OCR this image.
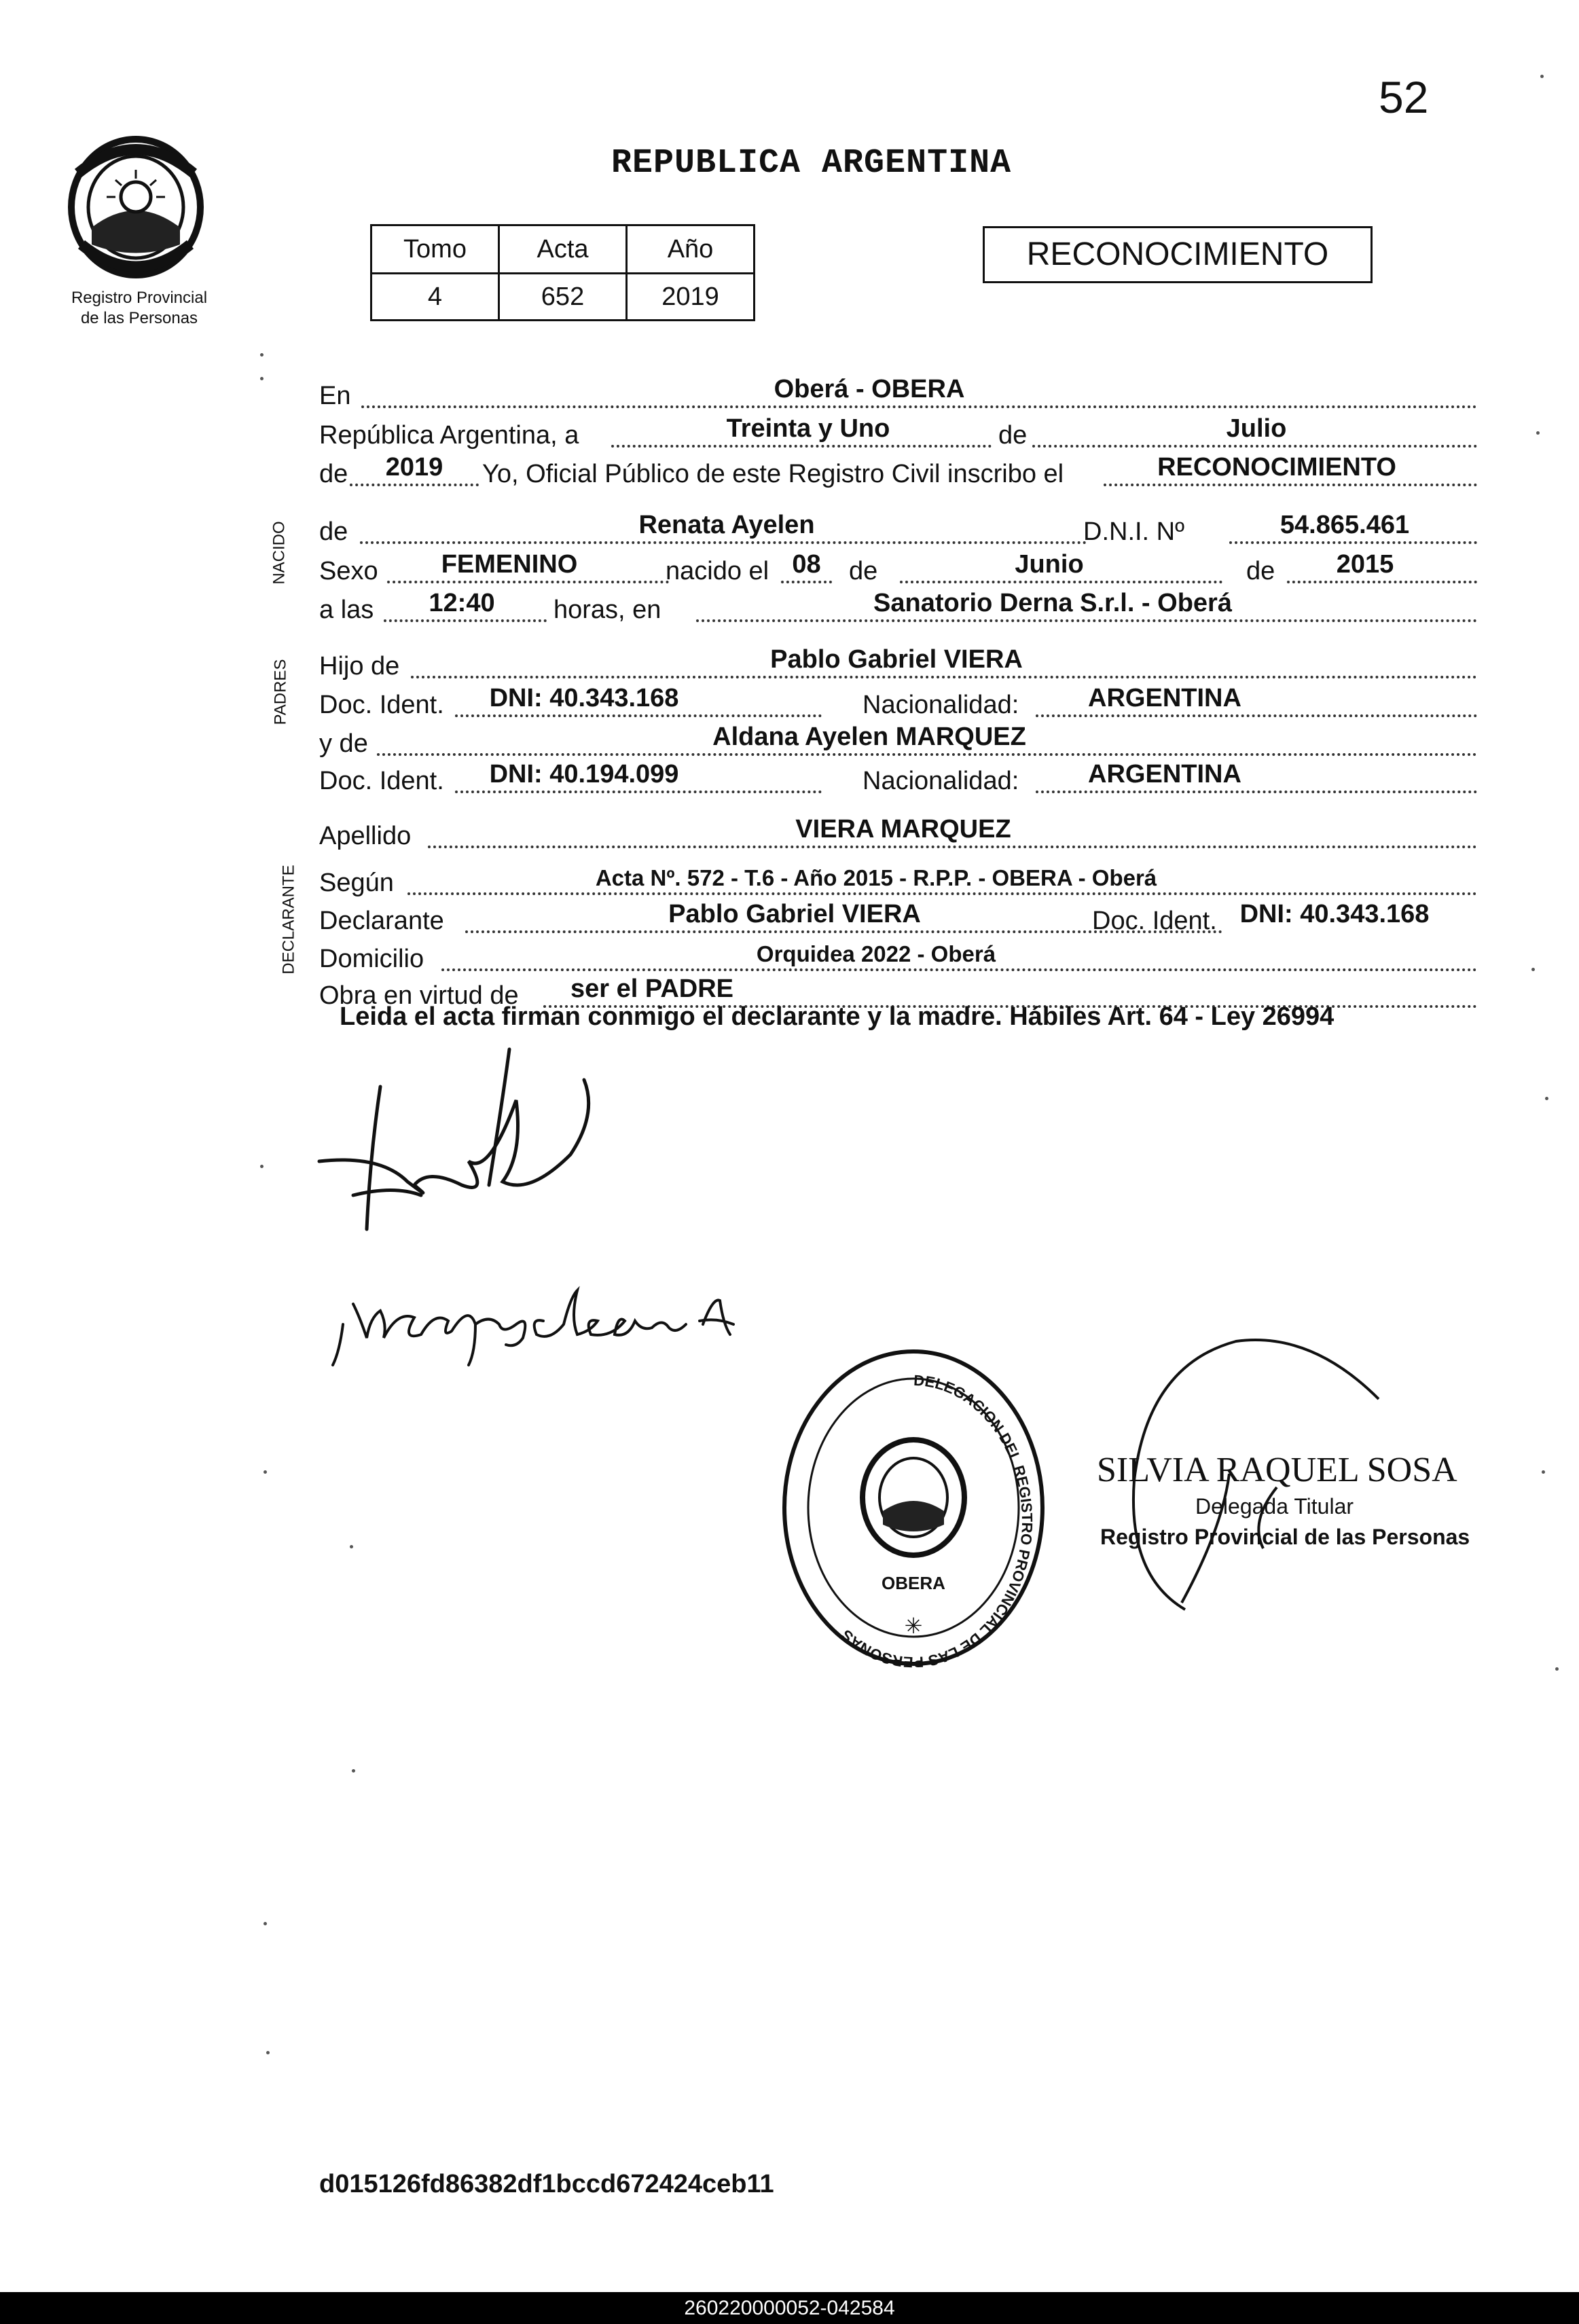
52
REPUBLICA ARGENTINA
Registro Provincial
de las Personas
Tomo	Acta	Año
4	652	2019
RECONOCIMIENTO
NACIDO
PADRES
DECLARANTE
En	Oberá - OBERA
República Argentina, a	Treinta y Uno	de	Julio
de	2019	Yo, Oficial Público de este Registro Civil inscribo el	RECONOCIMIENTO
de	Renata Ayelen	D.N.I. Nº	54.865.461
Sexo	FEMENINO	nacido el 08	de	Junio	de	2015
a las	12:40	horas, en	Sanatorio Derna S.r.l. - Oberá
Hijo de	Pablo Gabriel VIERA
Doc. Ident.	DNI: 40.343.168	Nacionalidad:	ARGENTINA
y de	Aldana Ayelen MARQUEZ
Doc. Ident.	DNI: 40.194.099	Nacionalidad:	ARGENTINA
Apellido	VIERA MARQUEZ
Según	Acta Nº. 572 - T.6 - Año 2015 - R.P.P. - OBERA - Oberá
Declarante	Pablo Gabriel VIERA	Doc. Ident. DNI: 40.343.168
Domicilio	Orquidea 2022 - Oberá
Obra en virtud de	ser el PADRE
Leida el acta firman conmigo el declarante y la madre. Hábiles Art. 64 - Ley 26994
DELEGACION DEL REGISTRO PROVINCIAL DE LAS PERSONAS
OBERA
✳
SILVIA RAQUEL SOSA
Delegada Titular
Registro Provincial de las Personas
d015126fd86382df1bccd672424ceb11
260220000052-042584
